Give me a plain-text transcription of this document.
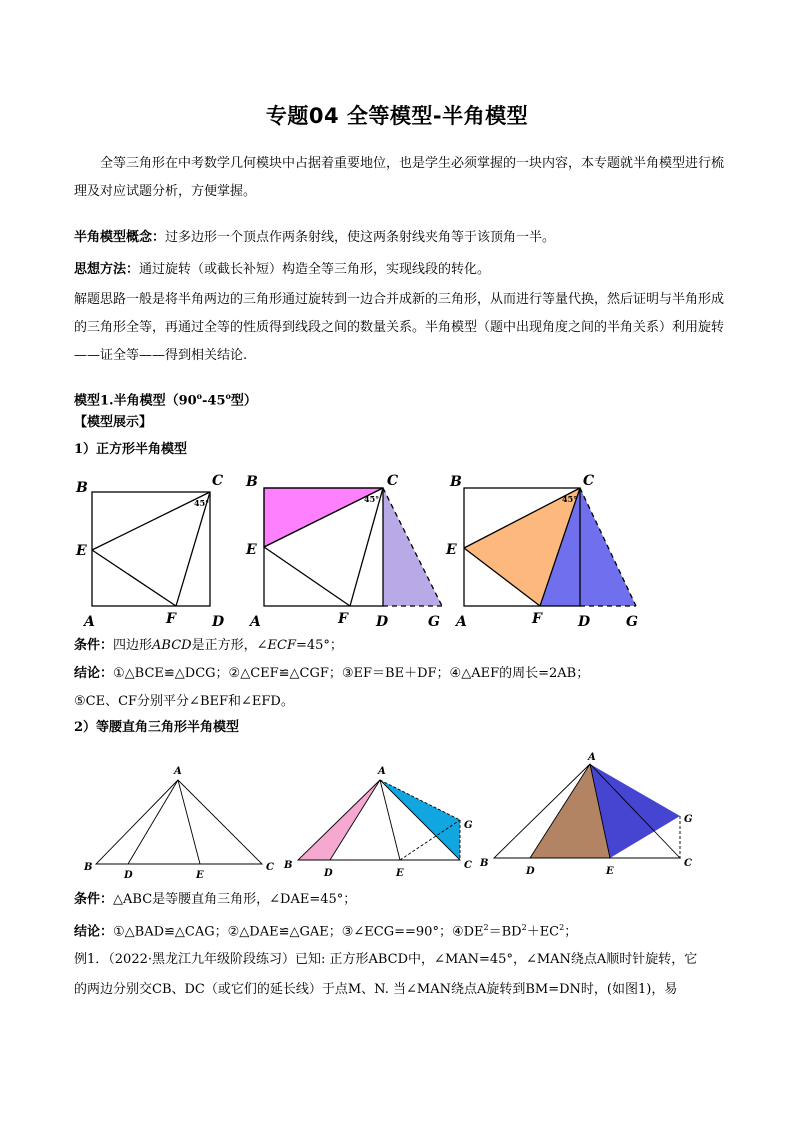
专题04 全等模型-半角模型
全等三角形在中考数学几何模块中占据着重要地位，也是学生必须掌握的一块内容，本专题就半角模型进行梳理及对应试题分析，方便掌握。
半角模型概念：过多边形一个顶点作两条射线，使这两条射线夹角等于该顶角一半。
思想方法：通过旋转（或截长补短）构造全等三角形，实现线段的转化。
解题思路一般是将半角两边的三角形通过旋转到一边合并成新的三角形，从而进行等量代换，然后证明与半角形成的三角形全等，再通过全等的性质得到线段之间的数量关系。半角模型（题中出现角度之间的半角关系）利用旋转——证全等——得到相关结论.
模型1.半角模型（90$^o$-45$^o$型）
【模型展示】
1）正方形半角模型
B	C
E
A	F	D
45°
B	C
E
A	F D	G
45°
B	C
E
A	F	D	G
45°
条件：四边形ABCD是正方形，∠ECF=45°；
结论：①△BCE≌△DCG；②△CEF≌△CGF；③EF＝BE＋DF；④△AEF的周长=2AB；
⑤CE、CF分别平分∠BEF和∠EFD。
2）等腰直角三角形半角模型
A
B
D	E
C
A
B
D	E
C
G
A
B
D	E
C
G
条件：△ABC是等腰直角三角形，∠DAE=45°；
结论：①△BAD≌△CAG；②△DAE≌△GAE；③∠ECG==90°；$④DE^2=BD^2+EC^2$；
例1．（2022·黑龙江九年级阶段练习）已知: 正方形ABCD中，∠MAN=45°，∠MAN绕点A顺时针旋转，它
的两边分别交CB、DC（或它们的延长线）于点M、N. 当∠MAN绕点A旋转到BM=DN时，(如图1)，易
